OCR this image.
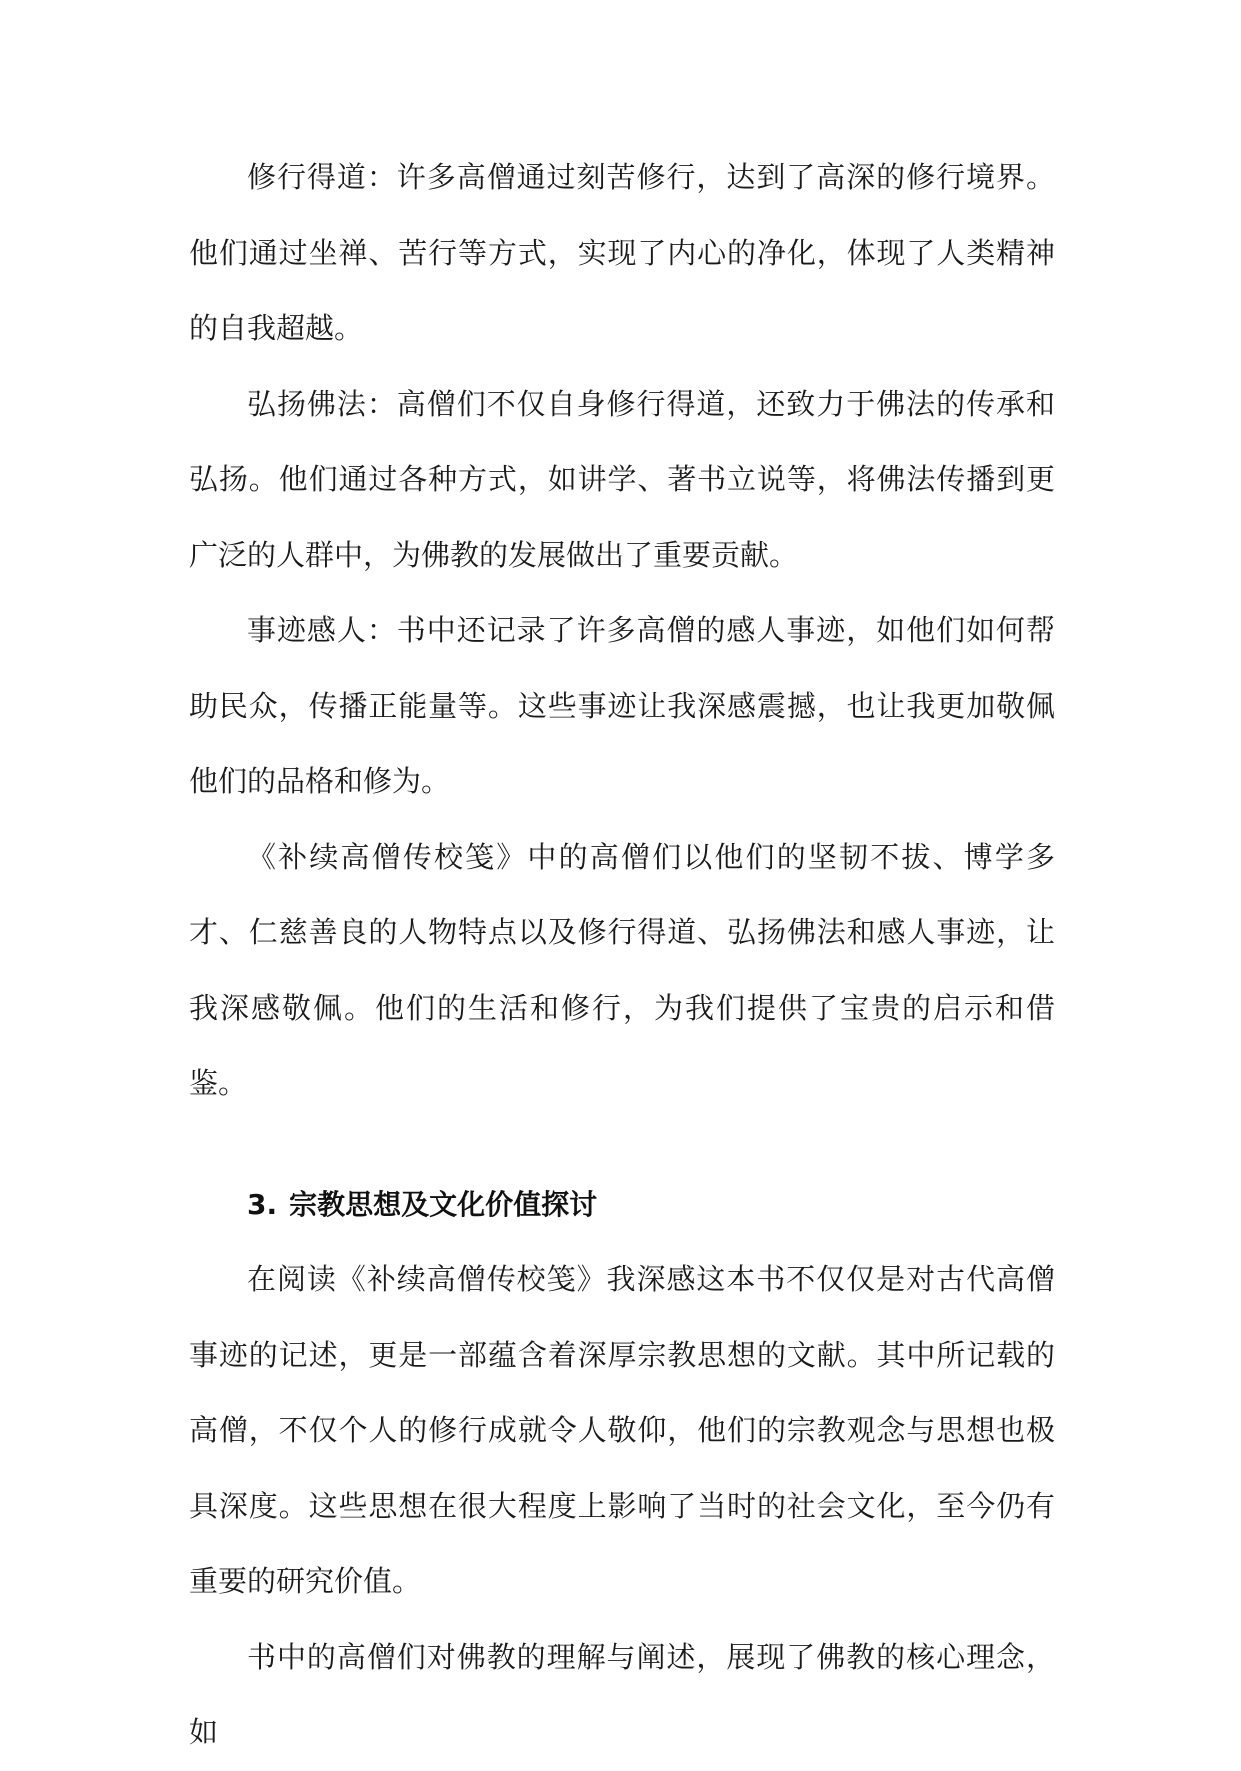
修行得道：许多高僧通过刻苦修行，达到了高深的修行境界。他们通过坐禅、苦行等方式，实现了内心的净化，体现了人类精神的自我超越。

弘扬佛法：高僧们不仅自身修行得道，还致力于佛法的传承和弘扬。他们通过各种方式，如讲学、著书立说等，将佛法传播到更广泛的人群中，为佛教的发展做出了重要贡献。

事迹感人：书中还记录了许多高僧的感人事迹，如他们如何帮助民众，传播正能量等。这些事迹让我深感震撼，也让我更加敬佩他们的品格和修为。

《补续高僧传校笺》中的高僧们以他们的坚韧不拔、博学多才、仁慈善良的人物特点以及修行得道、弘扬佛法和感人事迹，让我深感敬佩。他们的生活和修行，为我们提供了宝贵的启示和借鉴。

3. 宗教思想及文化价值探讨

在阅读《补续高僧传校笺》我深感这本书不仅仅是对古代高僧事迹的记述，更是一部蕴含着深厚宗教思想的文献。其中所记载的高僧，不仅个人的修行成就令人敬仰，他们的宗教观念与思想也极具深度。这些思想在很大程度上影响了当时的社会文化，至今仍有重要的研究价值。

书中的高僧们对佛教的理解与阐述，展现了佛教的核心理念，如
